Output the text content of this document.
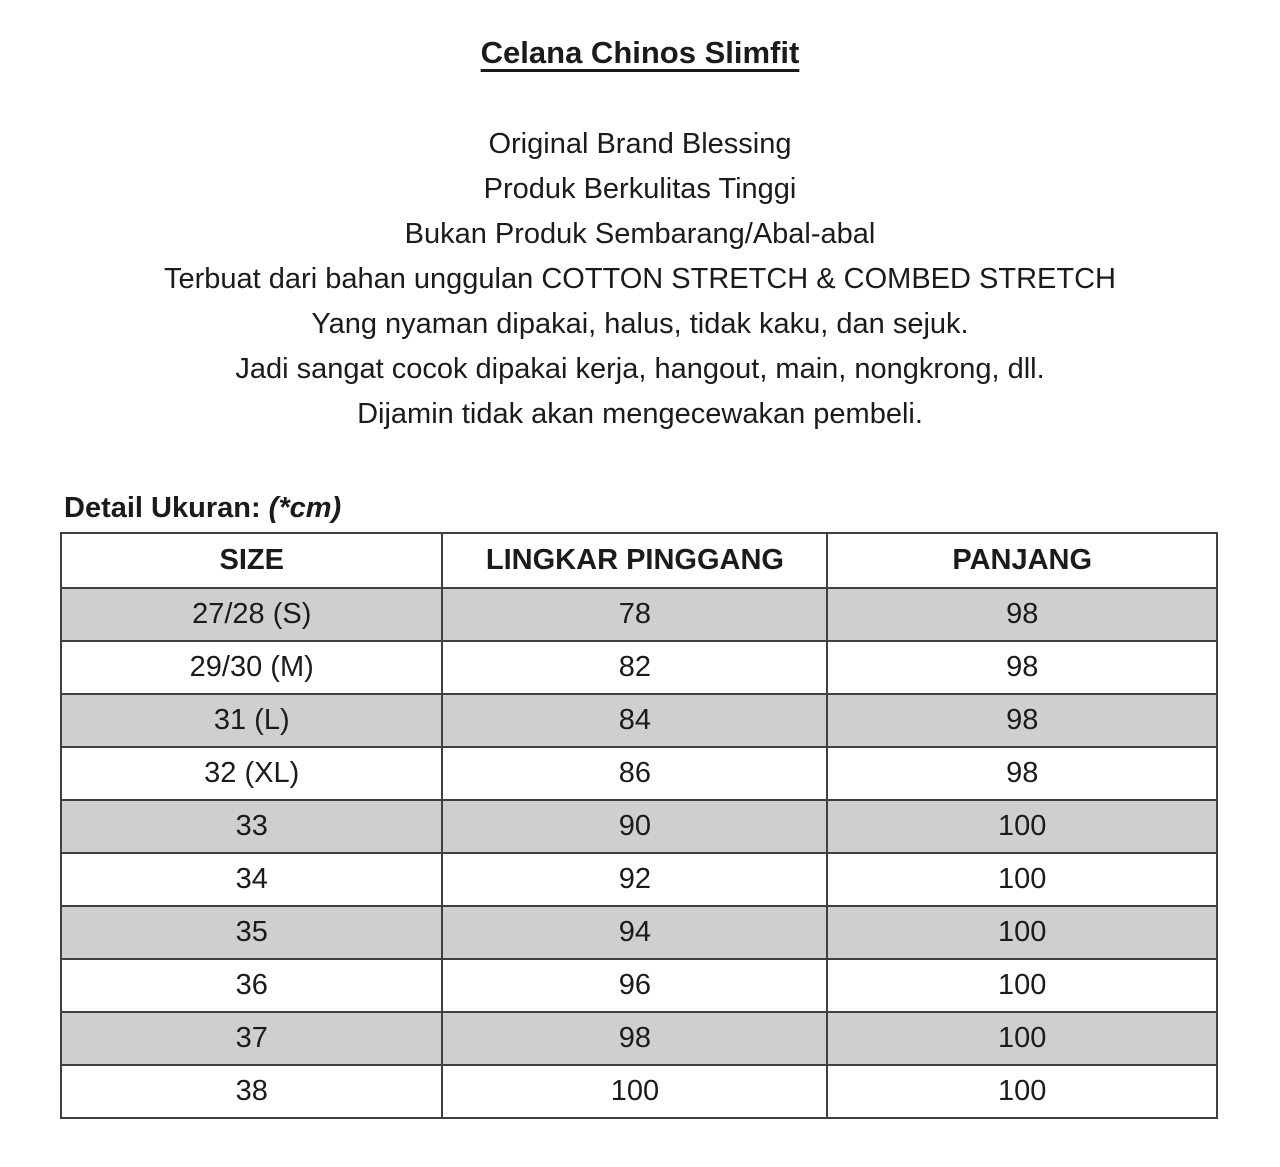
Celana Chinos Slimfit
Original Brand Blessing
Produk Berkulitas Tinggi
Bukan Produk Sembarang/Abal-abal
Terbuat dari bahan unggulan COTTON STRETCH & COMBED STRETCH
Yang nyaman dipakai, halus, tidak kaku, dan sejuk.
Jadi sangat cocok dipakai kerja, hangout, main, nongkrong, dll.
Dijamin tidak akan mengecewakan pembeli.
Detail Ukuran: (*cm)
SIZE	LINGKAR PINGGANG	PANJANG
27/28 (S)	78	98
29/30 (M)	82	98
31 (L)	84	98
32 (XL)	86	98
33	90	100
34	92	100
35	94	100
36	96	100
37	98	100
38	100	100
